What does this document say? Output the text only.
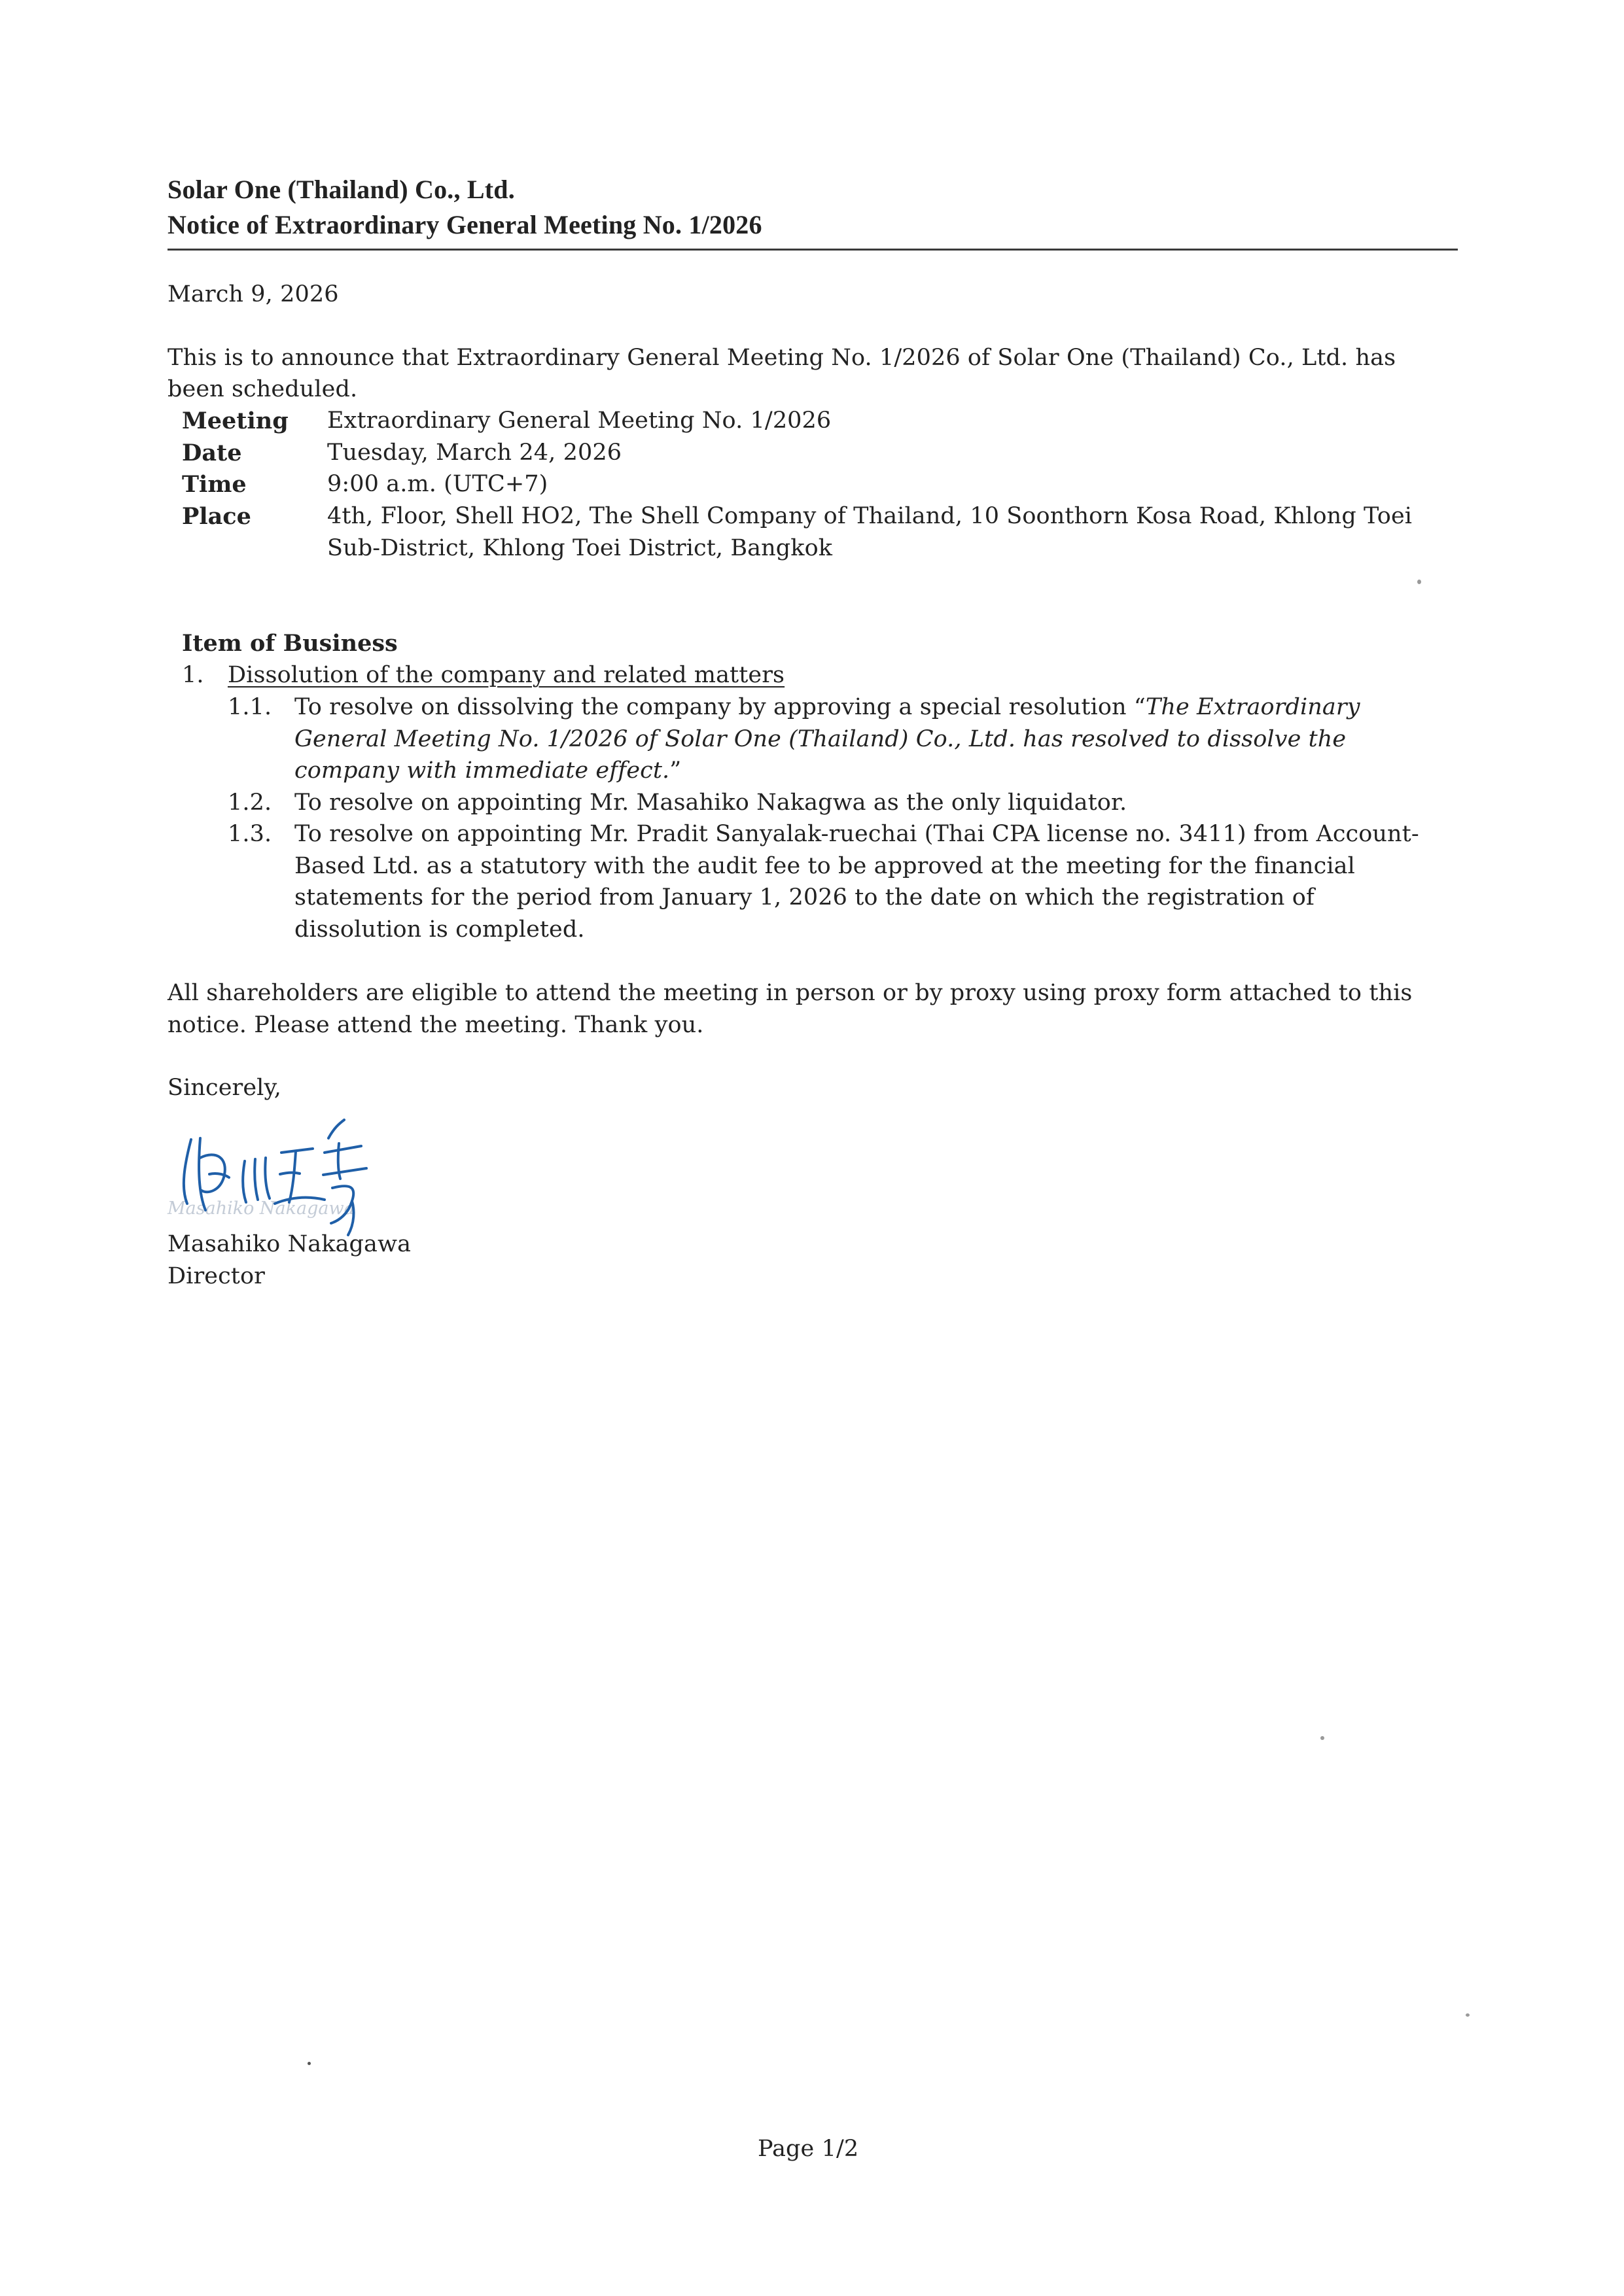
Solar One (Thailand) Co., Ltd.
Notice of Extraordinary General Meeting No. 1/2026
March 9, 2026
This is to announce that Extraordinary General Meeting No. 1/2026 of Solar One (Thailand) Co., Ltd. has
been scheduled.
Meeting Extraordinary General Meeting No. 1/2026
Date	Tuesday, March 24, 2026
Time	9:00 a.m. (UTC+7)
Place	4th, Floor, Shell HO2, The Shell Company of Thailand, 10 Soonthorn Kosa Road, Khlong Toei
Sub-District, Khlong Toei District, Bangkok
Item of Business
1. Dissolution of the company and related matters
1.1. To resolve on dissolving the company by approving a special resolution “The Extraordinary
General Meeting No. 1/2026 of Solar One (Thailand) Co., Ltd. has resolved to dissolve the
company with immediate effect.”
1.2. To resolve on appointing Mr. Masahiko Nakagwa as the only liquidator.
1.3. To resolve on appointing Mr. Pradit Sanyalak-ruechai (Thai CPA license no. 3411) from Account-
Based Ltd. as a statutory with the audit fee to be approved at the meeting for the financial
statements for the period from January 1, 2026 to the date on which the registration of
dissolution is completed.
All shareholders are eligible to attend the meeting in person or by proxy using proxy form attached to this
notice. Please attend the meeting. Thank you.
Sincerely,
Masahiko Nakagawa
Masahiko Nakagawa
Director
Page 1/2
